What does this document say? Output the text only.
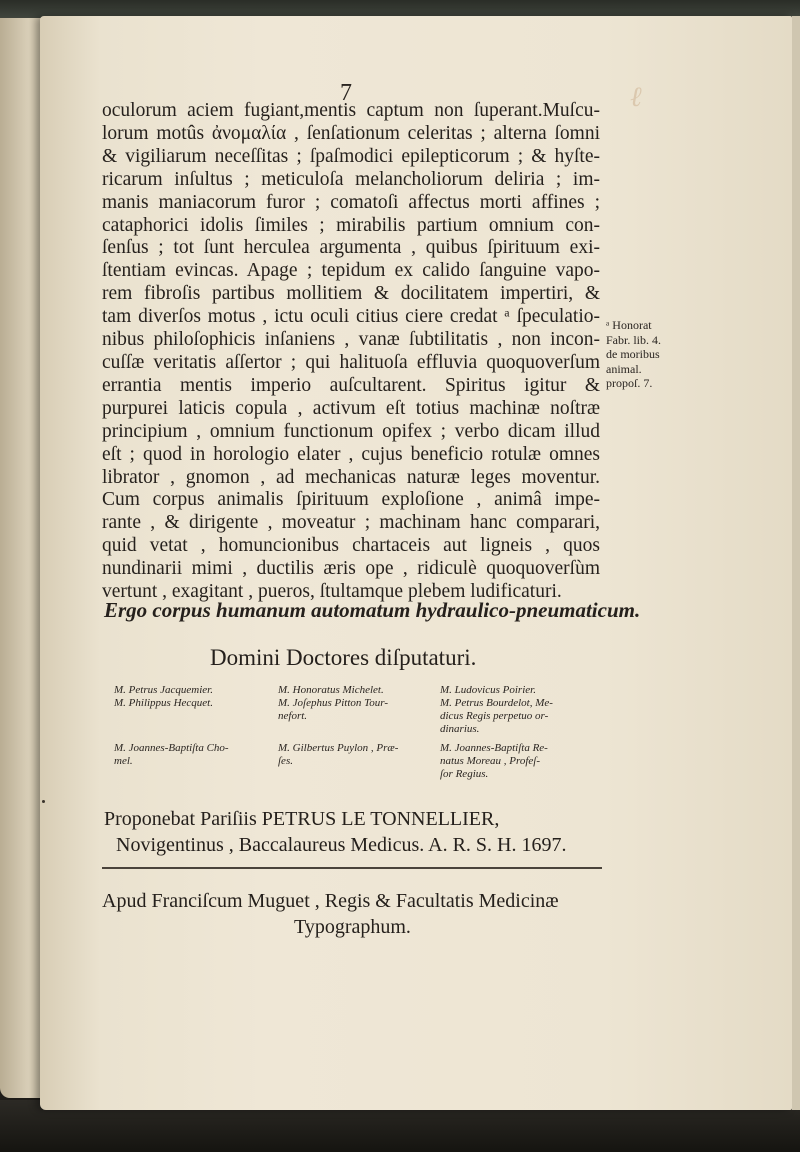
ℓ
7
oculorum aciem fugiant,mentis captum non ſuperant.Muſcu-
lorum motûs ἀνομαλία , ſenſationum celeritas ; alterna ſomni
& vigiliarum neceſſitas ; ſpaſmodici epilepticorum ; & hyſte-
ricarum inſultus ; meticuloſa melancholiorum deliria ; im-
manis maniacorum furor ; comatoſi affectus morti affines ;
cataphorici idolis ſimiles ; mirabilis partium omnium con-
ſenſus ; tot ſunt herculea argumenta , quibus ſpirituum exi-
ſtentiam evincas. Apage ; tepidum ex calido ſanguine vapo-
rem fibroſis partibus mollitiem & docilitatem impertiri, &
tam diverſos motus , ictu oculi citius ciere credat ᵃ ſpeculatio-
nibus philoſophicis inſaniens , vanæ ſubtilitatis , non incon-
cuſſæ veritatis aſſertor ; qui halituoſa effluvia quoquoverſum
errantia mentis imperio auſcultarent. Spiritus igitur &
purpurei laticis copula , activum eſt totius machinæ noſtræ
principium , omnium functionum opifex ; verbo dicam illud
eſt ; quod in horologio elater , cujus beneficio rotulæ omnes
librator , gnomon , ad mechanicas naturæ leges moventur.
Cum corpus animalis ſpirituum exploſione , animâ impe-
rante , & dirigente , moveatur ; machinam hanc comparari,
quid vetat , homuncionibus chartaceis aut ligneis , quos
nundinarii mimi , ductilis æris ope , ridiculè quoquoverſùm
vertunt , exagitant , pueros, ſtultamque plebem ludificaturi.
ᵃ Honorat
Fabr. lib. 4.
de moribus
animal.
propoſ. 7.
Ergo corpus humanum automatum hydraulico-pneumaticum.
Domini Doctores diſputaturi.
M. Petrus Jacquemier.
M. Philippus Hecquet.
M. Honoratus Michelet.
M. Joſephus Pitton Tour-
nefort.
M. Ludovicus Poirier.
M. Petrus Bourdelot, Me-
dicus Regis perpetuo or-
dinarius.
M. Joannes-Baptiſta Cho-
mel.
M. Gilbertus Puylon , Præ-
ſes.
M. Joannes-Baptiſta Re-
natus Moreau , Profeſ-
ſor Regius.
Proponebat Pariſiis PETRUS LE TONNELLIER,
Novigentinus , Baccalaureus Medicus. A. R. S. H. 1697.
Apud Franciſcum Muguet , Regis & Facultatis Medicinæ
Typographum.
